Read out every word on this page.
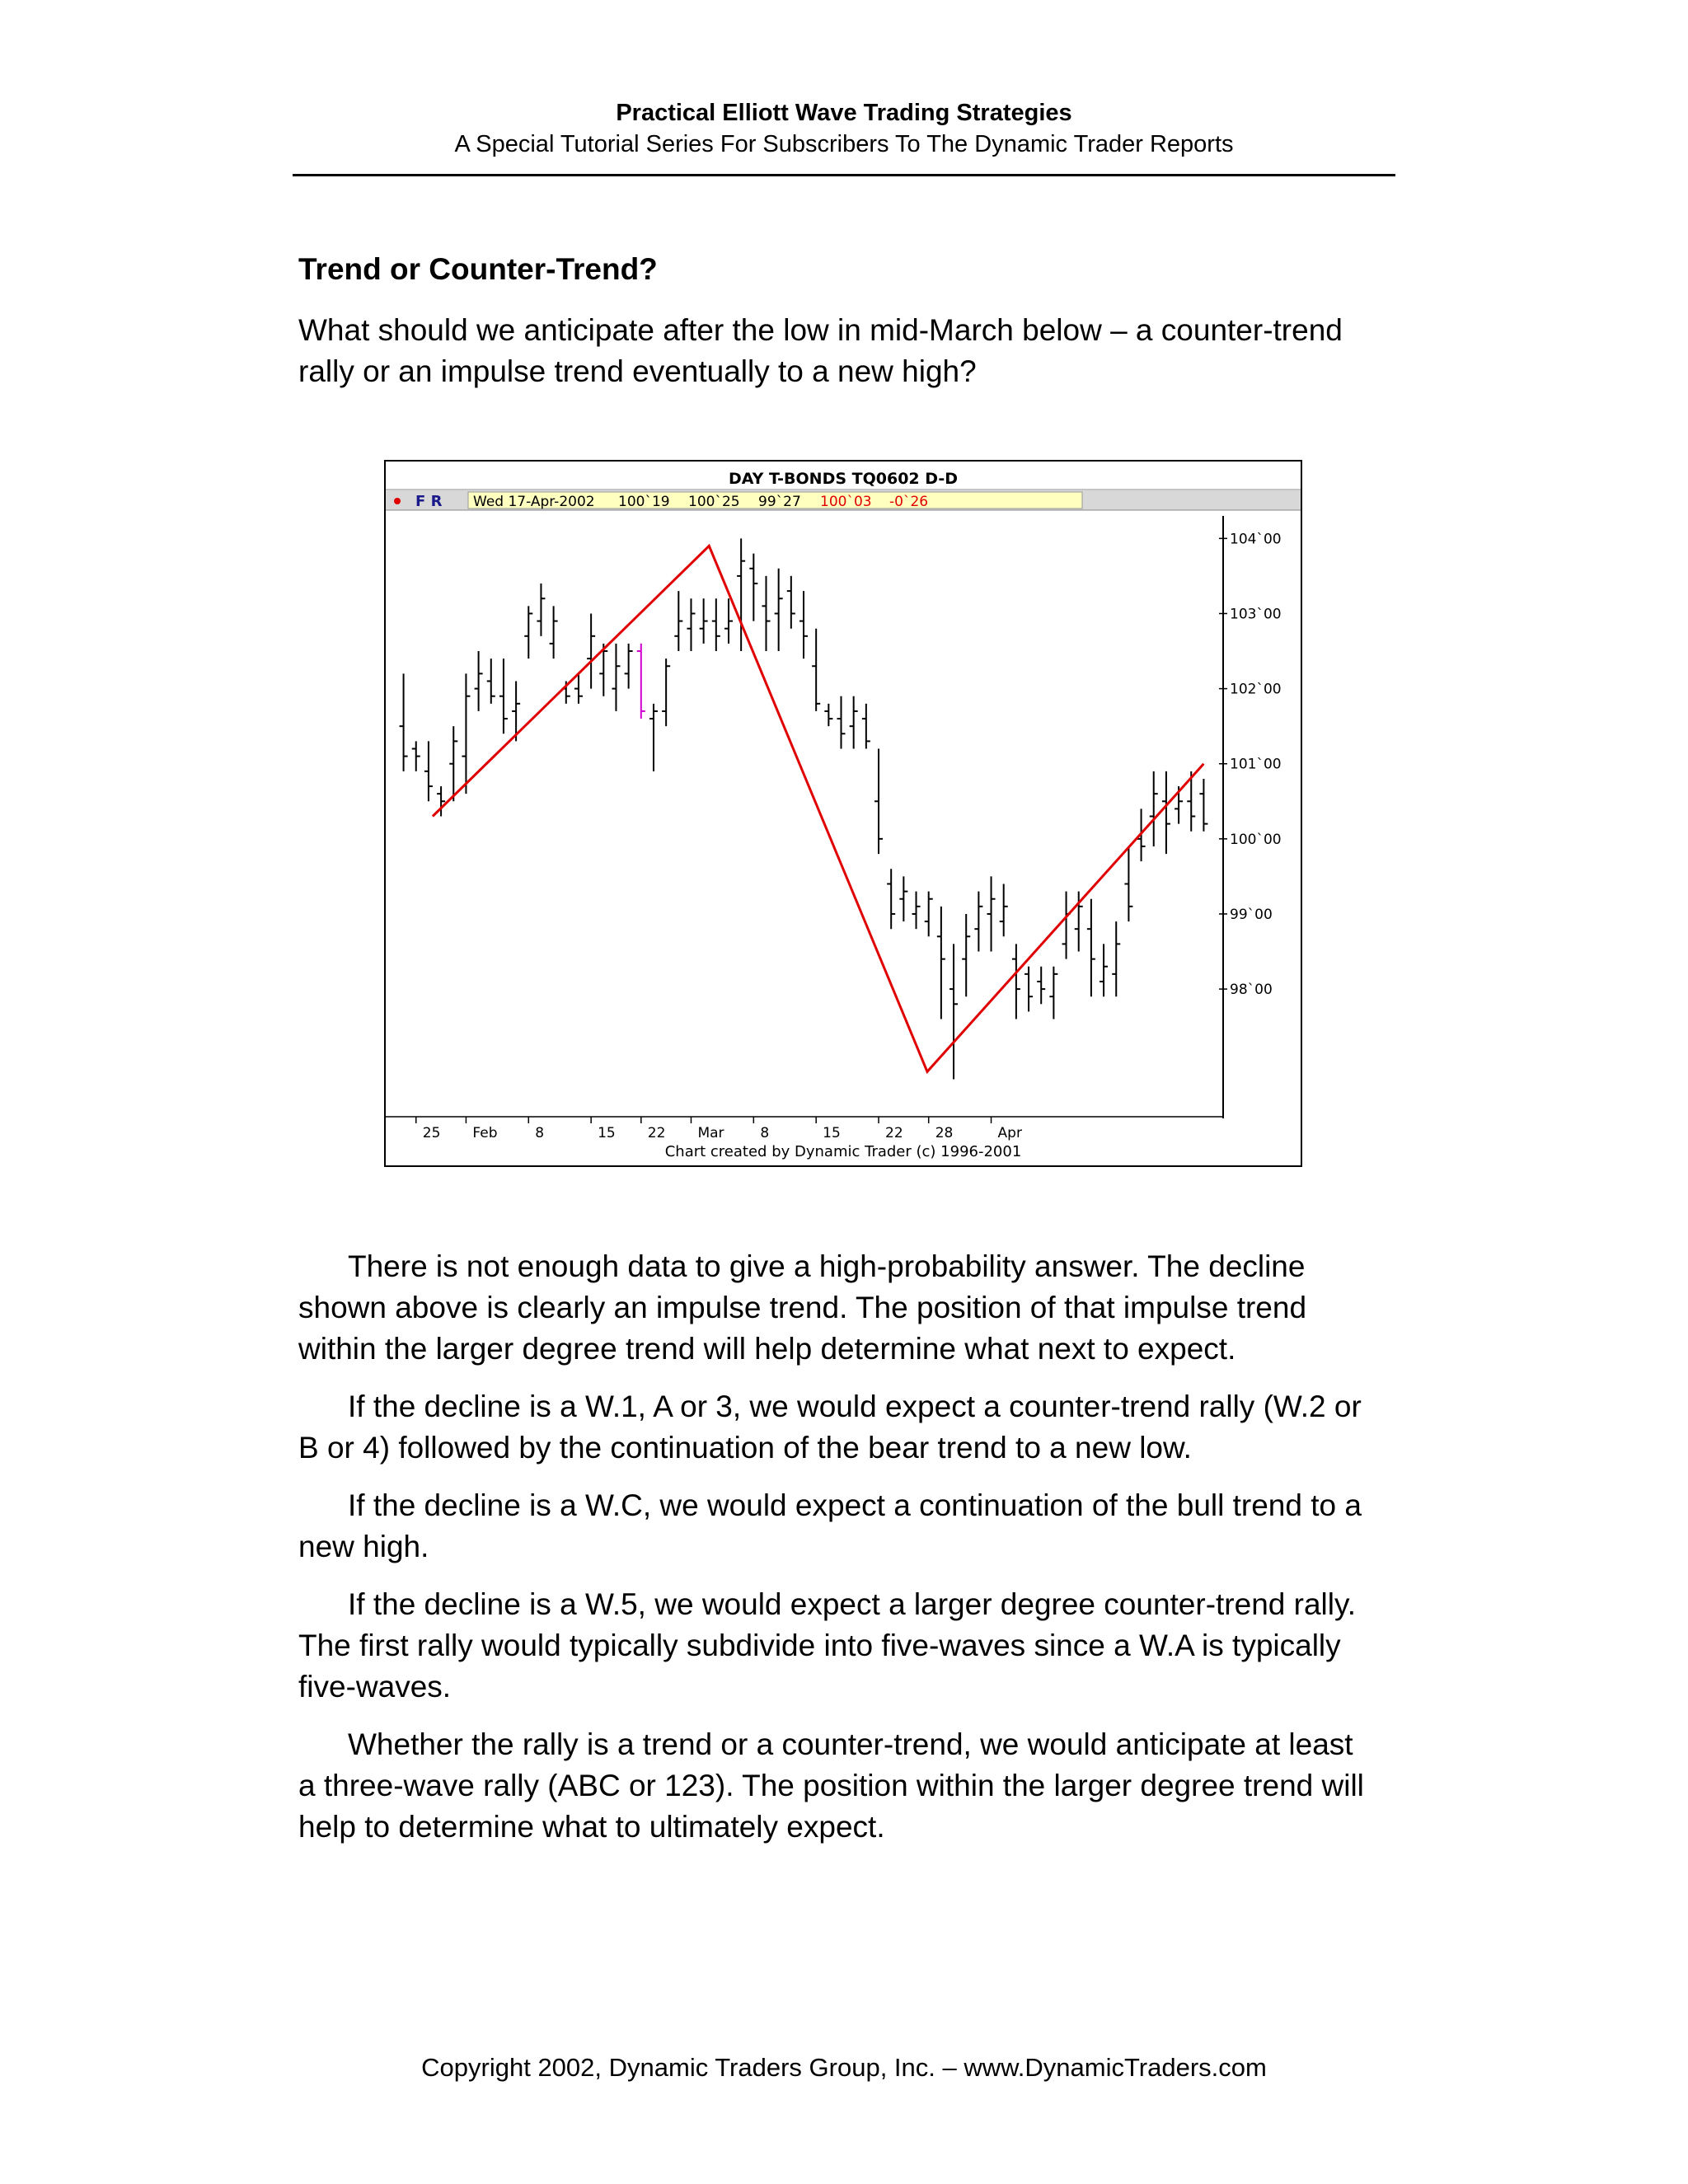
Practical Elliott Wave Trading Strategies
A Special Tutorial Series For Subscribers To The Dynamic Trader Reports
Trend or Counter-Trend?

What should we anticipate after the low in mid-March below – a counter-trend rally or an impulse trend eventually to a new high?

DAY T-BONDS TQ0602 D-D
F R Wed 17-Apr-2002 100`19 100`25 99`27 100`03 -0`26
104`00
103`00
102`00
101`00
100`00
99`00
98`00
25 Feb	8	15 22 Mar	8	15	22 28	Apr
Chart created by Dynamic Trader (c) 1996-2001

There is not enough data to give a high-probability answer. The decline shown above is clearly an impulse trend. The position of that impulse trend within the larger degree trend will help determine what next to expect.

If the decline is a W.1, A or 3, we would expect a counter-trend rally (W.2 or B or 4) followed by the continuation of the bear trend to a new low.

If the decline is a W.C, we would expect a continuation of the bull trend to a new high.

If the decline is a W.5, we would expect a larger degree counter-trend rally. The first rally would typically subdivide into five-waves since a W.A is typically five-waves.

Whether the rally is a trend or a counter-trend, we would anticipate at least a three-wave rally (ABC or 123). The position within the larger degree trend will help to determine what to ultimately expect.

Copyright 2002, Dynamic Traders Group, Inc. – www.DynamicTraders.com
